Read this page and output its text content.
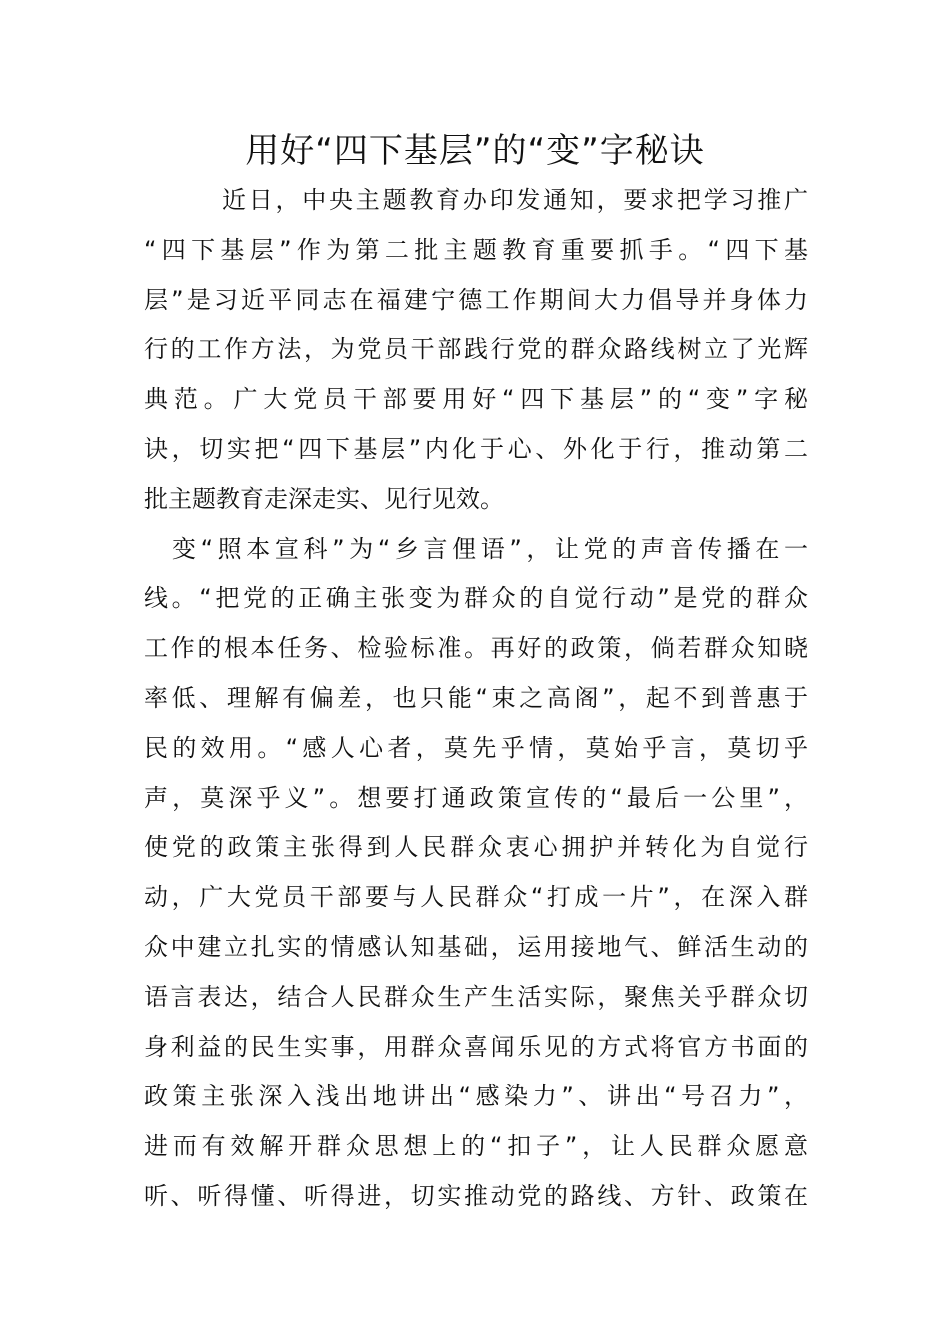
用好“四下基层”的“变”字秘诀
近日，中央主题教育办印发通知，要求把学习推广
“四下基层”作为第二批主题教育重要抓手。“四下基
层”是习近平同志在福建宁德工作期间大力倡导并身体力
行的工作方法，为党员干部践行党的群众路线树立了光辉
典范。广大党员干部要用好“四下基层”的“变”字秘
诀，切实把“四下基层”内化于心、外化于行，推动第二
批主题教育走深走实、见行见效。
变“照本宣科”为“乡言俚语”，让党的声音传播在一
线。“把党的正确主张变为群众的自觉行动”是党的群众
工作的根本任务、检验标准。再好的政策，倘若群众知晓
率低、理解有偏差，也只能“束之高阁”，起不到普惠于
民的效用。“感人心者，莫先乎情，莫始乎言，莫切乎
声，莫深乎义”。想要打通政策宣传的“最后一公里”，
使党的政策主张得到人民群众衷心拥护并转化为自觉行
动，广大党员干部要与人民群众“打成一片”，在深入群
众中建立扎实的情感认知基础，运用接地气、鲜活生动的
语言表达，结合人民群众生产生活实际，聚焦关乎群众切
身利益的民生实事，用群众喜闻乐见的方式将官方书面的
政策主张深入浅出地讲出“感染力”、讲出“号召力”，
进而有效解开群众思想上的“扣子”，让人民群众愿意
听、听得懂、听得进，切实推动党的路线、方针、政策在
